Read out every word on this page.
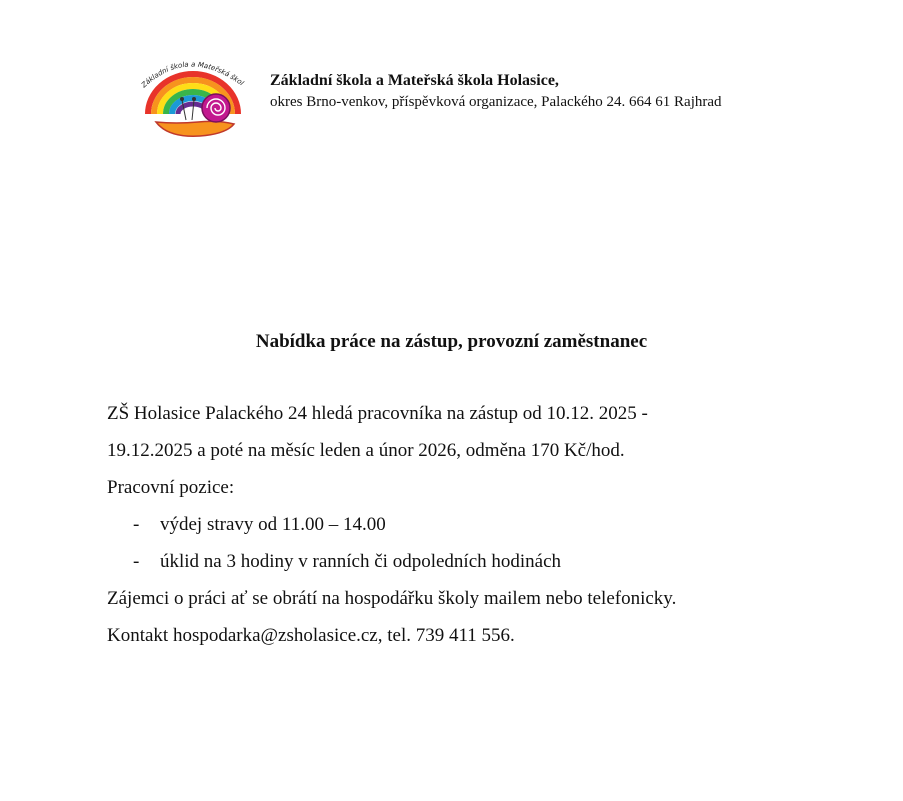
Základní škola a Mateřská škol Základní škola a Mateřská škola Holasice,
okres Brno-venkov, příspěvková organizace, Palackého 24. 664 61 Rajhrad
Nabídka práce na zástup, provozní zaměstnanec
ZŠ Holasice Palackého 24 hledá pracovníka na zástup od 10.12. 2025 -
19.12.2025 a poté na měsíc leden a únor 2026, odměna 170 Kč/hod.
Pracovní pozice:
- výdej stravy od 11.00 – 14.00
- úklid na 3 hodiny v ranních či odpoledních hodinách
Zájemci o práci ať se obrátí na hospodářku školy mailem nebo telefonicky.
Kontakt hospodarka@zsholasice.cz, tel. 739 411 556.
